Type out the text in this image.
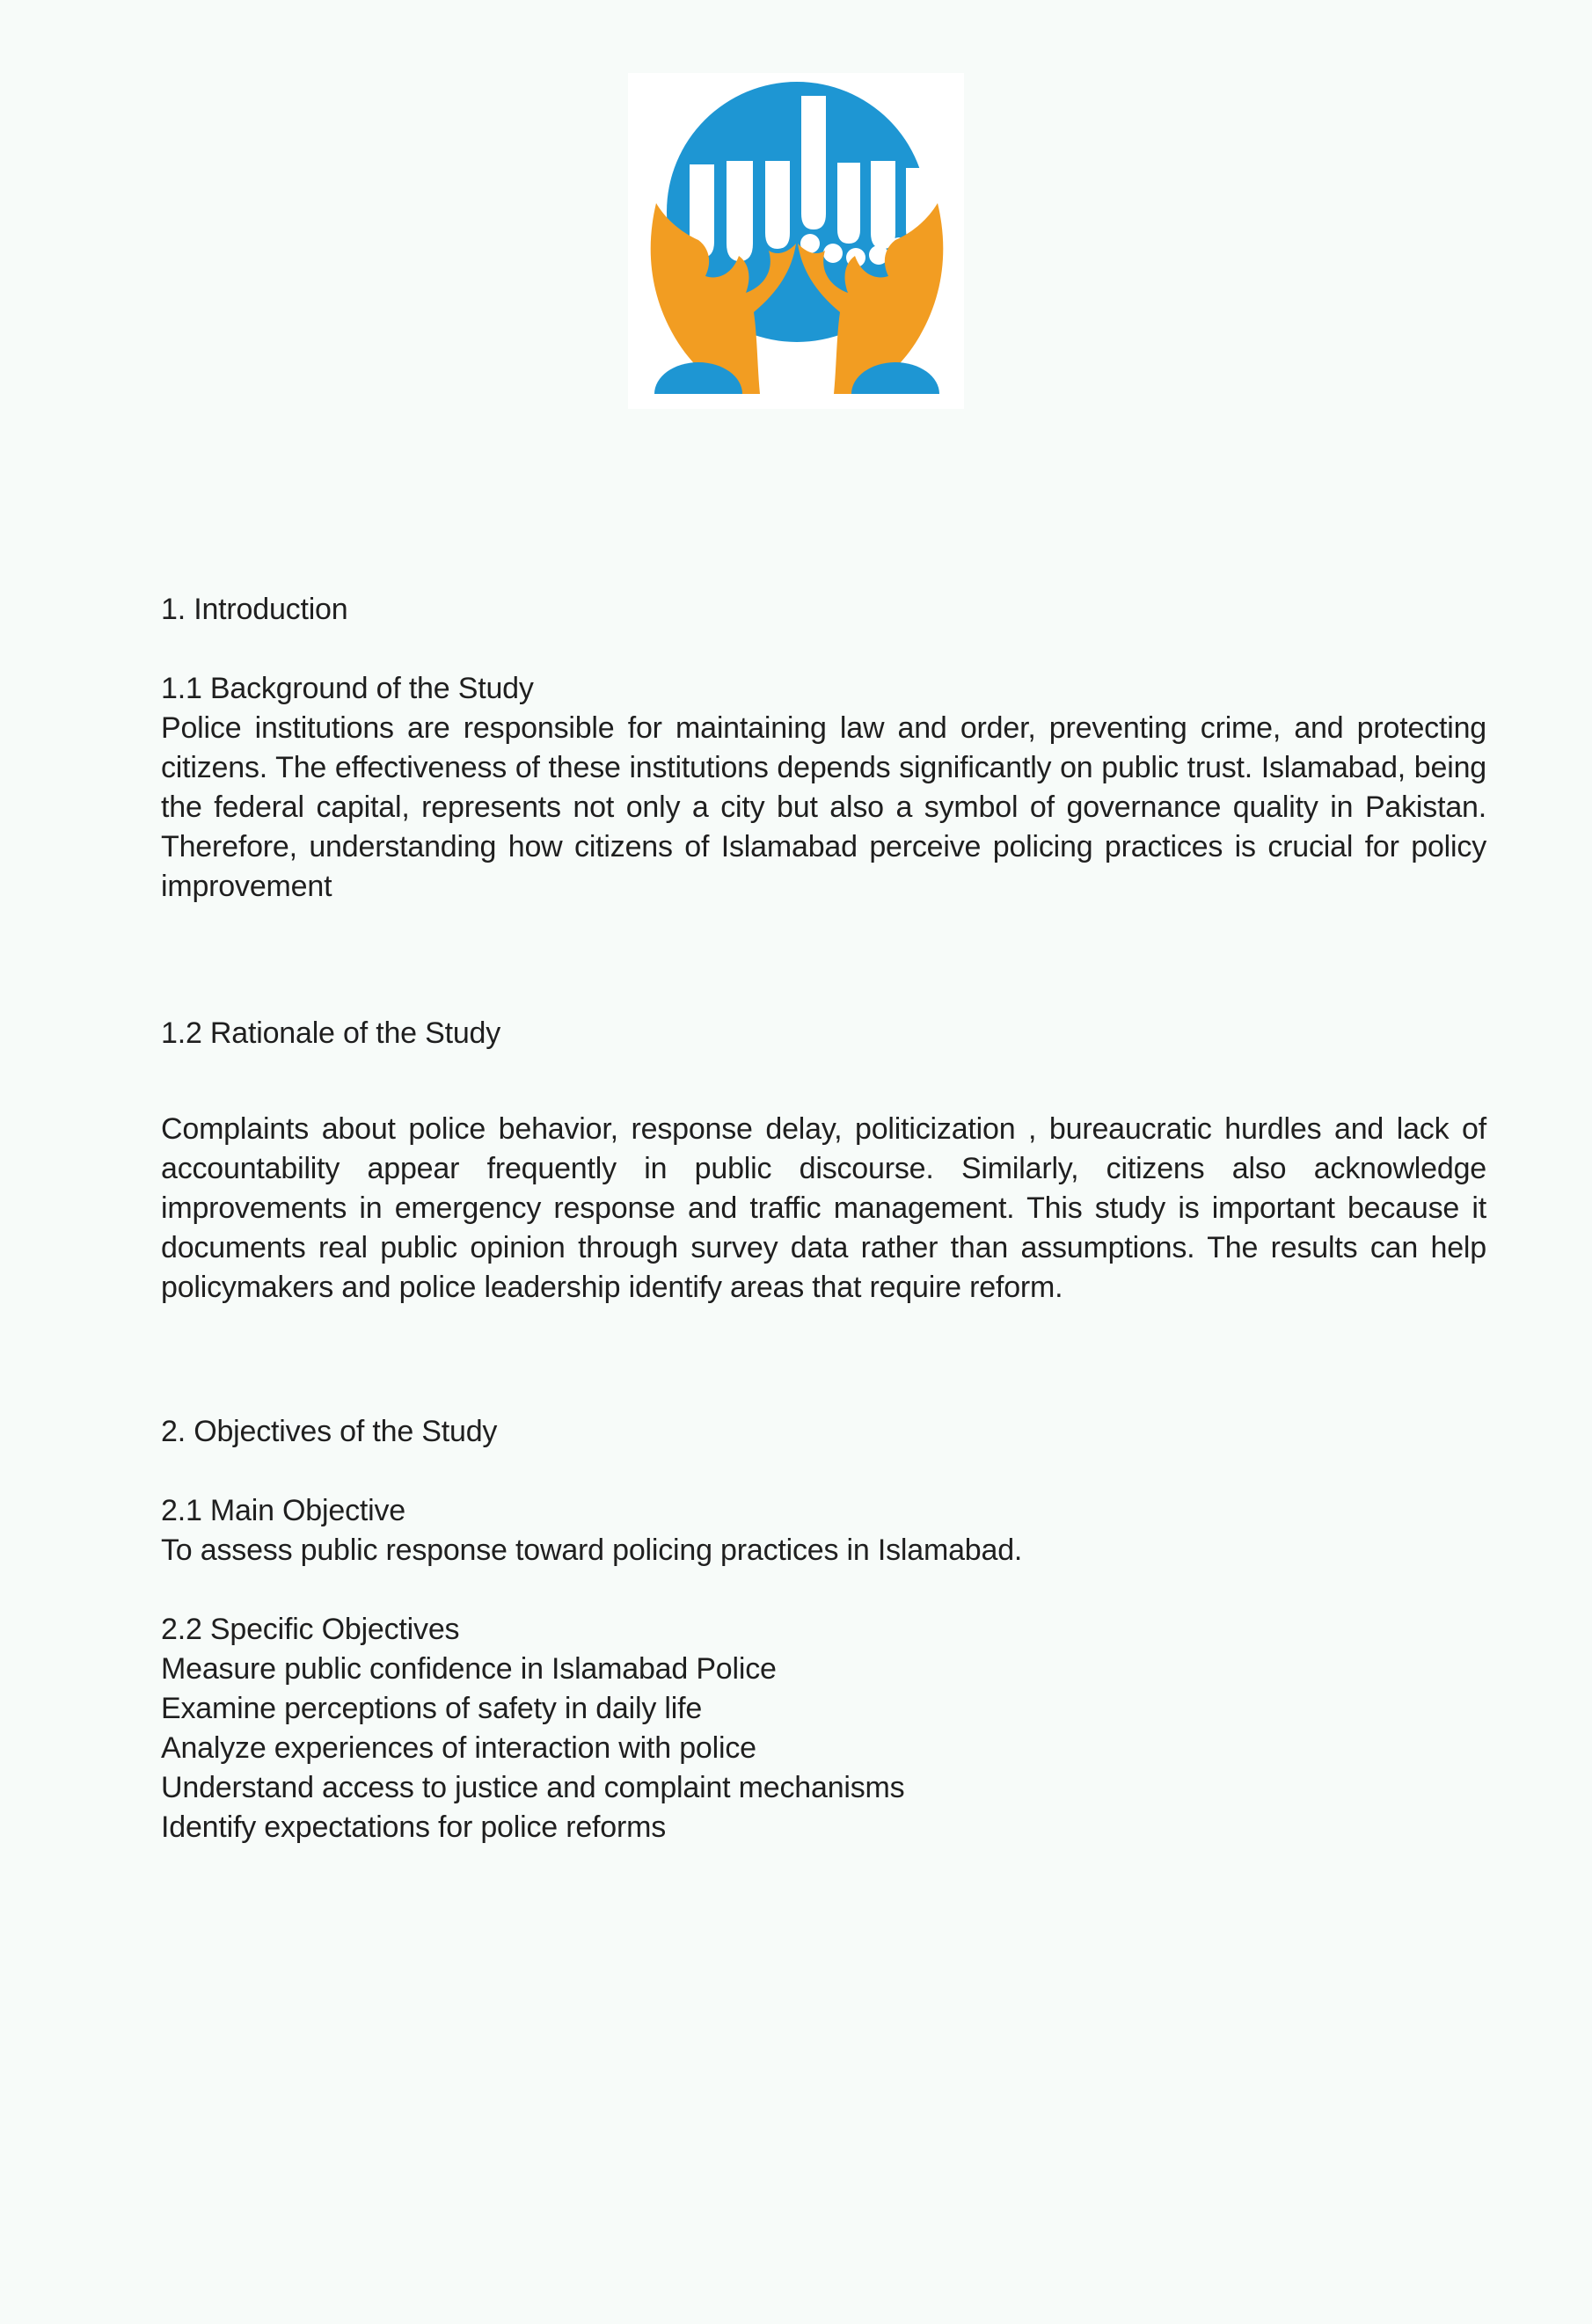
1. Introduction
1.1 Background of the Study
Police institutions are responsible for maintaining law and order, preventing crime, and protecting citizens. The effectiveness of these institutions depends significantly on public trust. Islamabad, being the federal capital, represents not only a city but also a symbol of governance quality in Pakistan. Therefore, understanding how citizens of Islamabad perceive policing practices is crucial for policy improvement
1.2 Rationale of the Study
Complaints about police behavior, response delay, politicization , bureaucratic hurdles and lack of accountability appear frequently in public discourse. Similarly, citizens also acknowledge improvements in emergency response and traffic management. This study is important because it documents real public opinion through survey data rather than assumptions. The results can help policymakers and police leadership identify areas that require reform.
2. Objectives of the Study
2.1 Main Objective
To assess public response toward policing practices in Islamabad.
2.2 Specific Objectives
Measure public confidence in Islamabad Police
Examine perceptions of safety in daily life
Analyze experiences of interaction with police
Understand access to justice and complaint mechanisms
Identify expectations for police reforms
